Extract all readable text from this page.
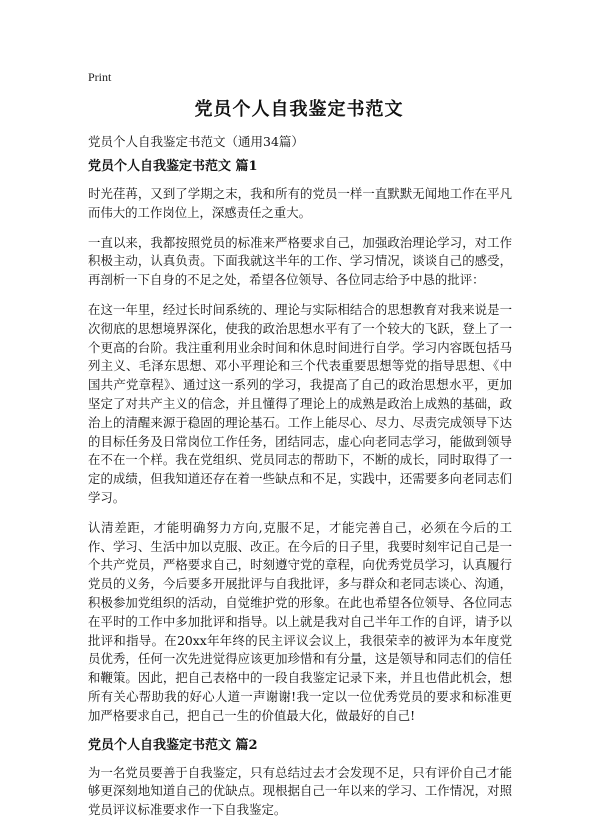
Print
党员个人自我鉴定书范文

党员个人自我鉴定书范文（通用34篇）

党员个人自我鉴定书范文 篇1

时光荏苒，又到了学期之末，我和所有的党员一样一直默默无闻地工作在平凡而伟大的工作岗位上，深感责任之重大。

一直以来，我都按照党员的标准来严格要求自己，加强政治理论学习，对工作积极主动，认真负责。下面我就这半年的工作、学习情况，谈谈自己的感受，再剖析一下自身的不足之处，希望各位领导、各位同志给予中恳的批评：

在这一年里，经过长时间系统的、理论与实际相结合的思想教育对我来说是一次彻底的思想境界深化，使我的政治思想水平有了一个较大的飞跃，登上了一个更高的台阶。我注重利用业余时间和休息时间进行自学。学习内容既包括马列主义、毛泽东思想、邓小平理论和三个代表重要思想等党的指导思想、《中国共产党章程》、通过这一系列的学习，我提高了自己的政治思想水平，更加坚定了对共产主义的信念，并且懂得了理论上的成熟是政治上成熟的基础，政治上的清醒来源于稳固的理论基石。工作上能尽心、尽力、尽责完成领导下达的目标任务及日常岗位工作任务，团结同志，虚心向老同志学习，能做到领导在不在一个样。我在党组织、党员同志的帮助下，不断的成长，同时取得了一定的成绩，但我知道还存在着一些缺点和不足，实践中，还需要多向老同志们学习。

认清差距，才能明确努力方向,克服不足，才能完善自己，必须在今后的工作、学习、生活中加以克服、改正。在今后的日子里，我要时刻牢记自己是一个共产党员，严格要求自己，时刻遵守党的章程，向优秀党员学习，认真履行党员的义务，今后要多开展批评与自我批评，多与群众和老同志谈心、沟通，积极参加党组织的活动，自觉维护党的形象。在此也希望各位领导、各位同志在平时的工作中多加批评和指导。以上就是我对自己半年工作的自评，请予以批评和指导。在20xx年年终的民主评议会议上，我很荣幸的被评为本年度党员优秀，任何一次先进觉得应该更加珍惜和有分量，这是领导和同志们的信任和鞭策。因此，把自己表格中的一段自我鉴定记录下来，并且也借此机会，想所有关心帮助我的好心人道一声谢谢!我一定以一位优秀党员的要求和标准更加严格要求自己，把自己一生的价值最大化，做最好的自己!

党员个人自我鉴定书范文 篇2

为一名党员要善于自我鉴定，只有总结过去才会发现不足，只有评价自己才能够更深刻地知道自己的优缺点。现根据自己一年以来的学习、工作情况，对照党员评议标准要求作一下自我鉴定。
